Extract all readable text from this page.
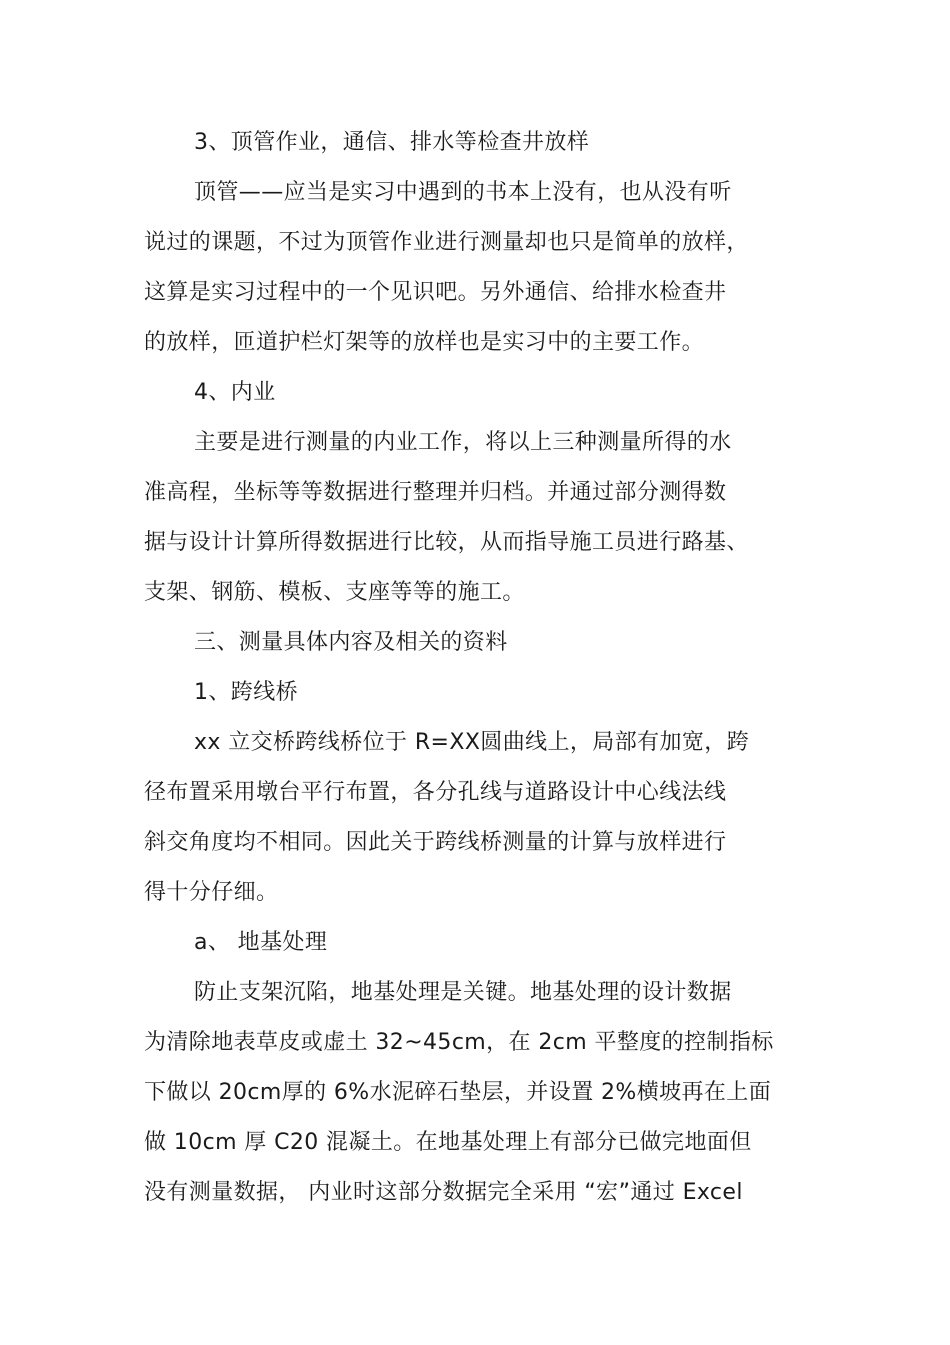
3、顶管作业，通信、排水等检查井放样
顶管——应当是实习中遇到的书本上没有，也从没有听
说过的课题，不过为顶管作业进行测量却也只是简单的放样，
这算是实习过程中的一个见识吧。另外通信、给排水检查井
的放样，匝道护栏灯架等的放样也是实习中的主要工作。
4、内业
主要是进行测量的内业工作，将以上三种测量所得的水
准高程，坐标等等数据进行整理并归档。并通过部分测得数
据与设计计算所得数据进行比较，从而指导施工员进行路基、
支架、钢筋、模板、支座等等的施工。
三、测量具体内容及相关的资料
1、跨线桥
xx 立交桥跨线桥位于 R=XX圆曲线上，局部有加宽，跨
径布置采用墩台平行布置，各分孔线与道路设计中心线法线
斜交角度均不相同。因此关于跨线桥测量的计算与放样进行
得十分仔细。
a、 地基处理
防止支架沉陷，地基处理是关键。地基处理的设计数据
为清除地表草皮或虚土 32~45cm，在 2cm 平整度的控制指标
下做以 20cm厚的 6%水泥碎石垫层，并设置 2%横坡再在上面
做 10cm 厚 C20 混凝土。在地基处理上有部分已做完地面但
没有测量数据， 内业时这部分数据完全采用 “宏”通过 Excel
